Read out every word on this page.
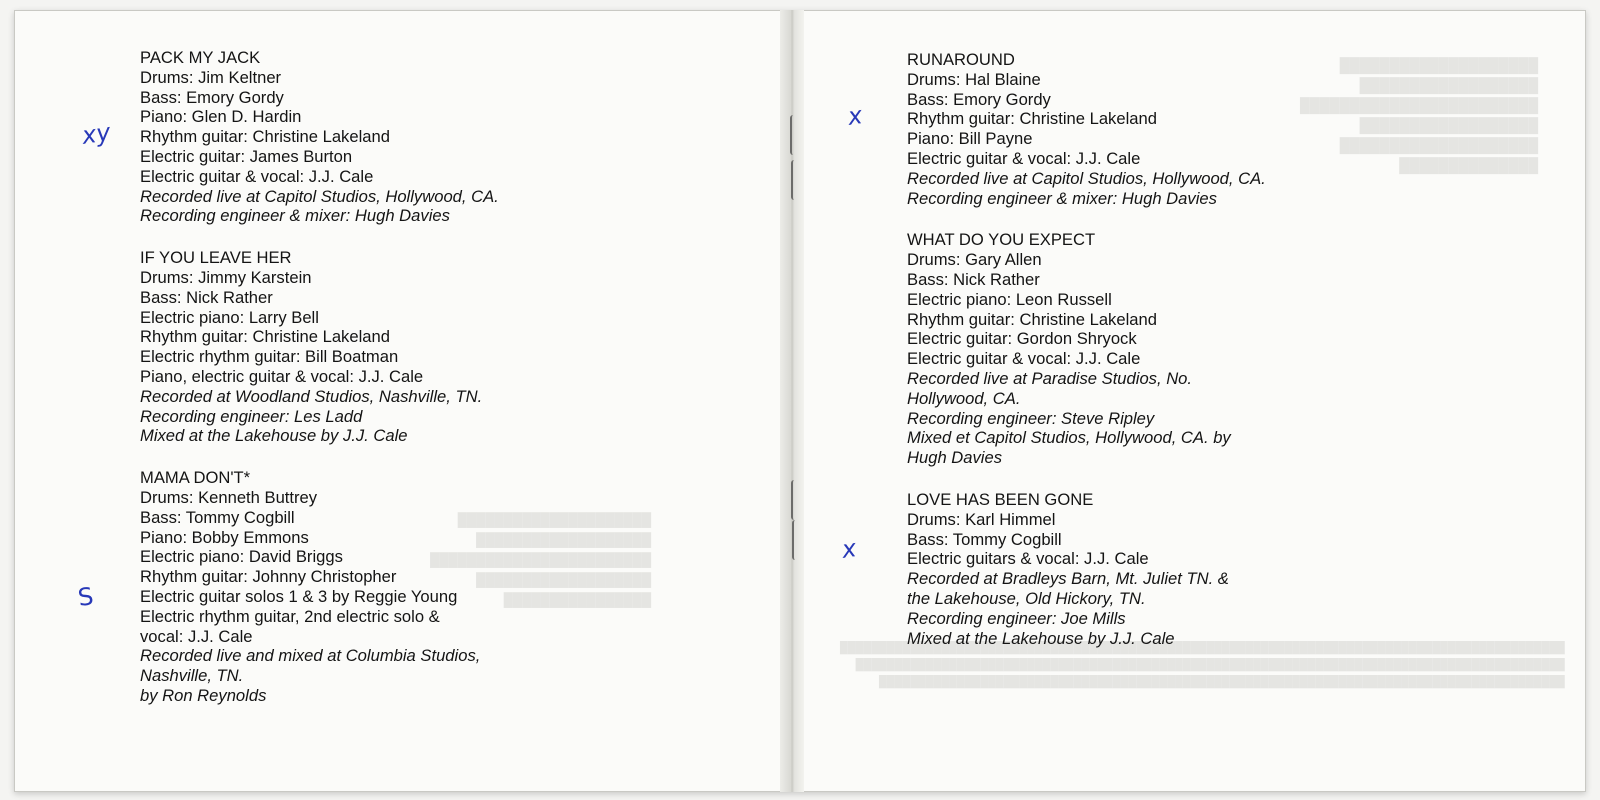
████████████████████
██████████████████
████████████████████████
██████████████████
████████████████████
██████████████
█████████████████████████████████████████████████████████████████████████████████████████████
███████████████████████████████████████████████████████████████████████████████████████████
████████████████████████████████████████████████████████████████████████████████████████
█████████████████████
███████████████████
████████████████████████
███████████████████
████████████████
PACK MY JACK
Drums: Jim Keltner
Bass: Emory Gordy
Piano: Glen D. Hardin
Rhythm guitar: Christine Lakeland
Electric guitar: James Burton
Electric guitar & vocal: J.J. Cale
Recorded live at Capitol Studios, Hollywood, CA.
Recording engineer & mixer: Hugh Davies
IF YOU LEAVE HER
Drums: Jimmy Karstein
Bass: Nick Rather
Electric piano: Larry Bell
Rhythm guitar: Christine Lakeland
Electric rhythm guitar: Bill Boatman
Piano, electric guitar & vocal: J.J. Cale
Recorded at Woodland Studios, Nashville, TN.
Recording engineer: Les Ladd
Mixed at the Lakehouse by J.J. Cale
MAMA DON'T*
Drums: Kenneth Buttrey
Bass: Tommy Cogbill
Piano: Bobby Emmons
Electric piano: David Briggs
Rhythm guitar: Johnny Christopher
Electric guitar solos 1 & 3 by Reggie Young
Electric rhythm guitar, 2nd electric solo &
vocal: J.J. Cale
Recorded live and mixed at Columbia Studios,
Nashville, TN.
by Ron Reynolds
RUNAROUND
Drums: Hal Blaine
Bass: Emory Gordy
Rhythm guitar: Christine Lakeland
Piano: Bill Payne
Electric guitar & vocal: J.J. Cale
Recorded live at Capitol Studios, Hollywood, CA.
Recording engineer & mixer: Hugh Davies
WHAT DO YOU EXPECT
Drums: Gary Allen
Bass: Nick Rather
Electric piano: Leon Russell
Rhythm guitar: Christine Lakeland
Electric guitar: Gordon Shryock
Electric guitar & vocal: J.J. Cale
Recorded live at Paradise Studios, No.
Hollywood, CA.
Recording engineer: Steve Ripley
Mixed et Capitol Studios, Hollywood, CA. by
Hugh Davies
LOVE HAS BEEN GONE
Drums: Karl Himmel
Bass: Tommy Cogbill
Electric guitars & vocal: J.J. Cale
Recorded at Bradleys Barn, Mt. Juliet TN. &
the Lakehouse, Old Hickory, TN.
Recording engineer: Joe Mills
Mixed at the Lakehouse by J.J. Cale
xy
x
S
x
